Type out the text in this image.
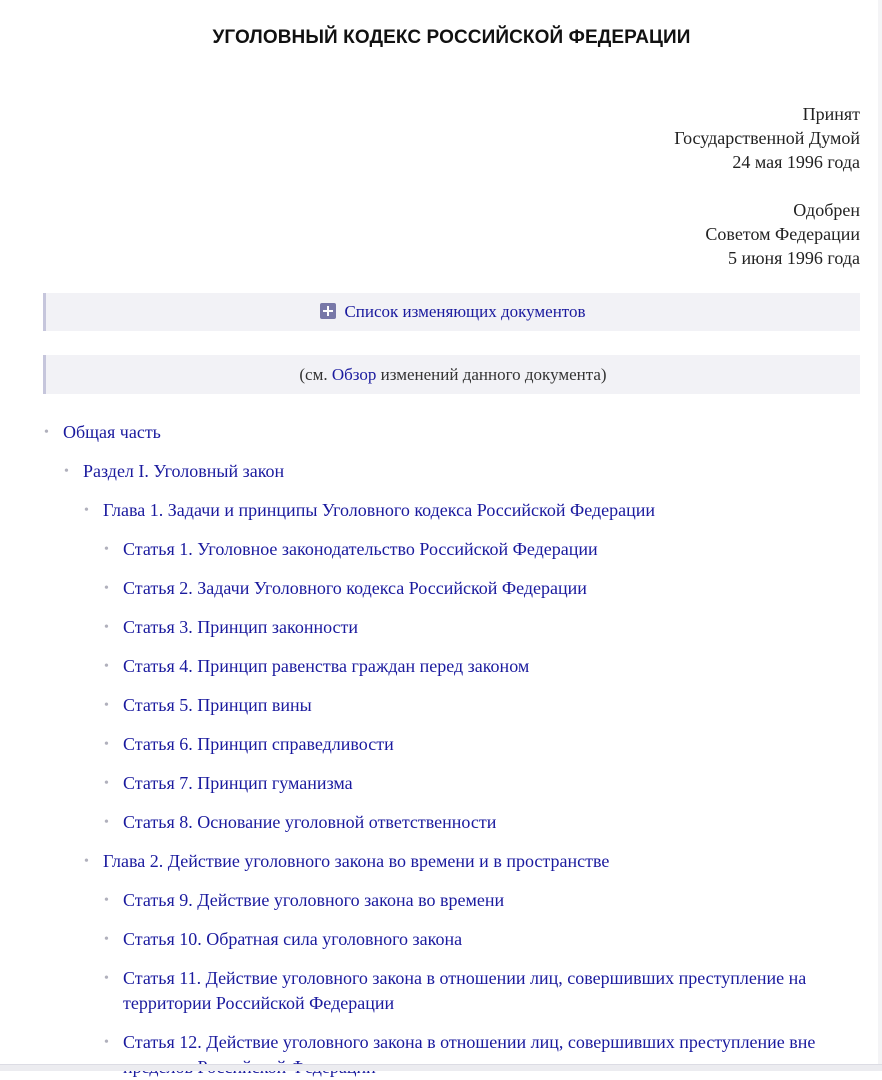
УГОЛОВНЫЙ КОДЕКС РОССИЙСКОЙ ФЕДЕРАЦИИ

Принят

Государственной Думой

24 мая 1996 года

Одобрен

Советом Федерации

5 июня 1996 года

Список изменяющих документов
(см. Обзор изменений данного документа)
• Общая часть
• Раздел I. Уголовный закон
• Глава 1. Задачи и принципы Уголовного кодекса Российской Федерации
• Статья 1. Уголовное законодательство Российской Федерации
• Статья 2. Задачи Уголовного кодекса Российской Федерации
• Статья 3. Принцип законности
• Статья 4. Принцип равенства граждан перед законом
• Статья 5. Принцип вины
• Статья 6. Принцип справедливости
• Статья 7. Принцип гуманизма
• Статья 8. Основание уголовной ответственности
• Глава 2. Действие уголовного закона во времени и в пространстве
• Статья 9. Действие уголовного закона во времени
• Статья 10. Обратная сила уголовного закона
• Статья 11. Действие уголовного закона в отношении лиц, совершивших преступление на территории Российской Федерации
• Статья 12. Действие уголовного закона в отношении лиц, совершивших преступление вне
